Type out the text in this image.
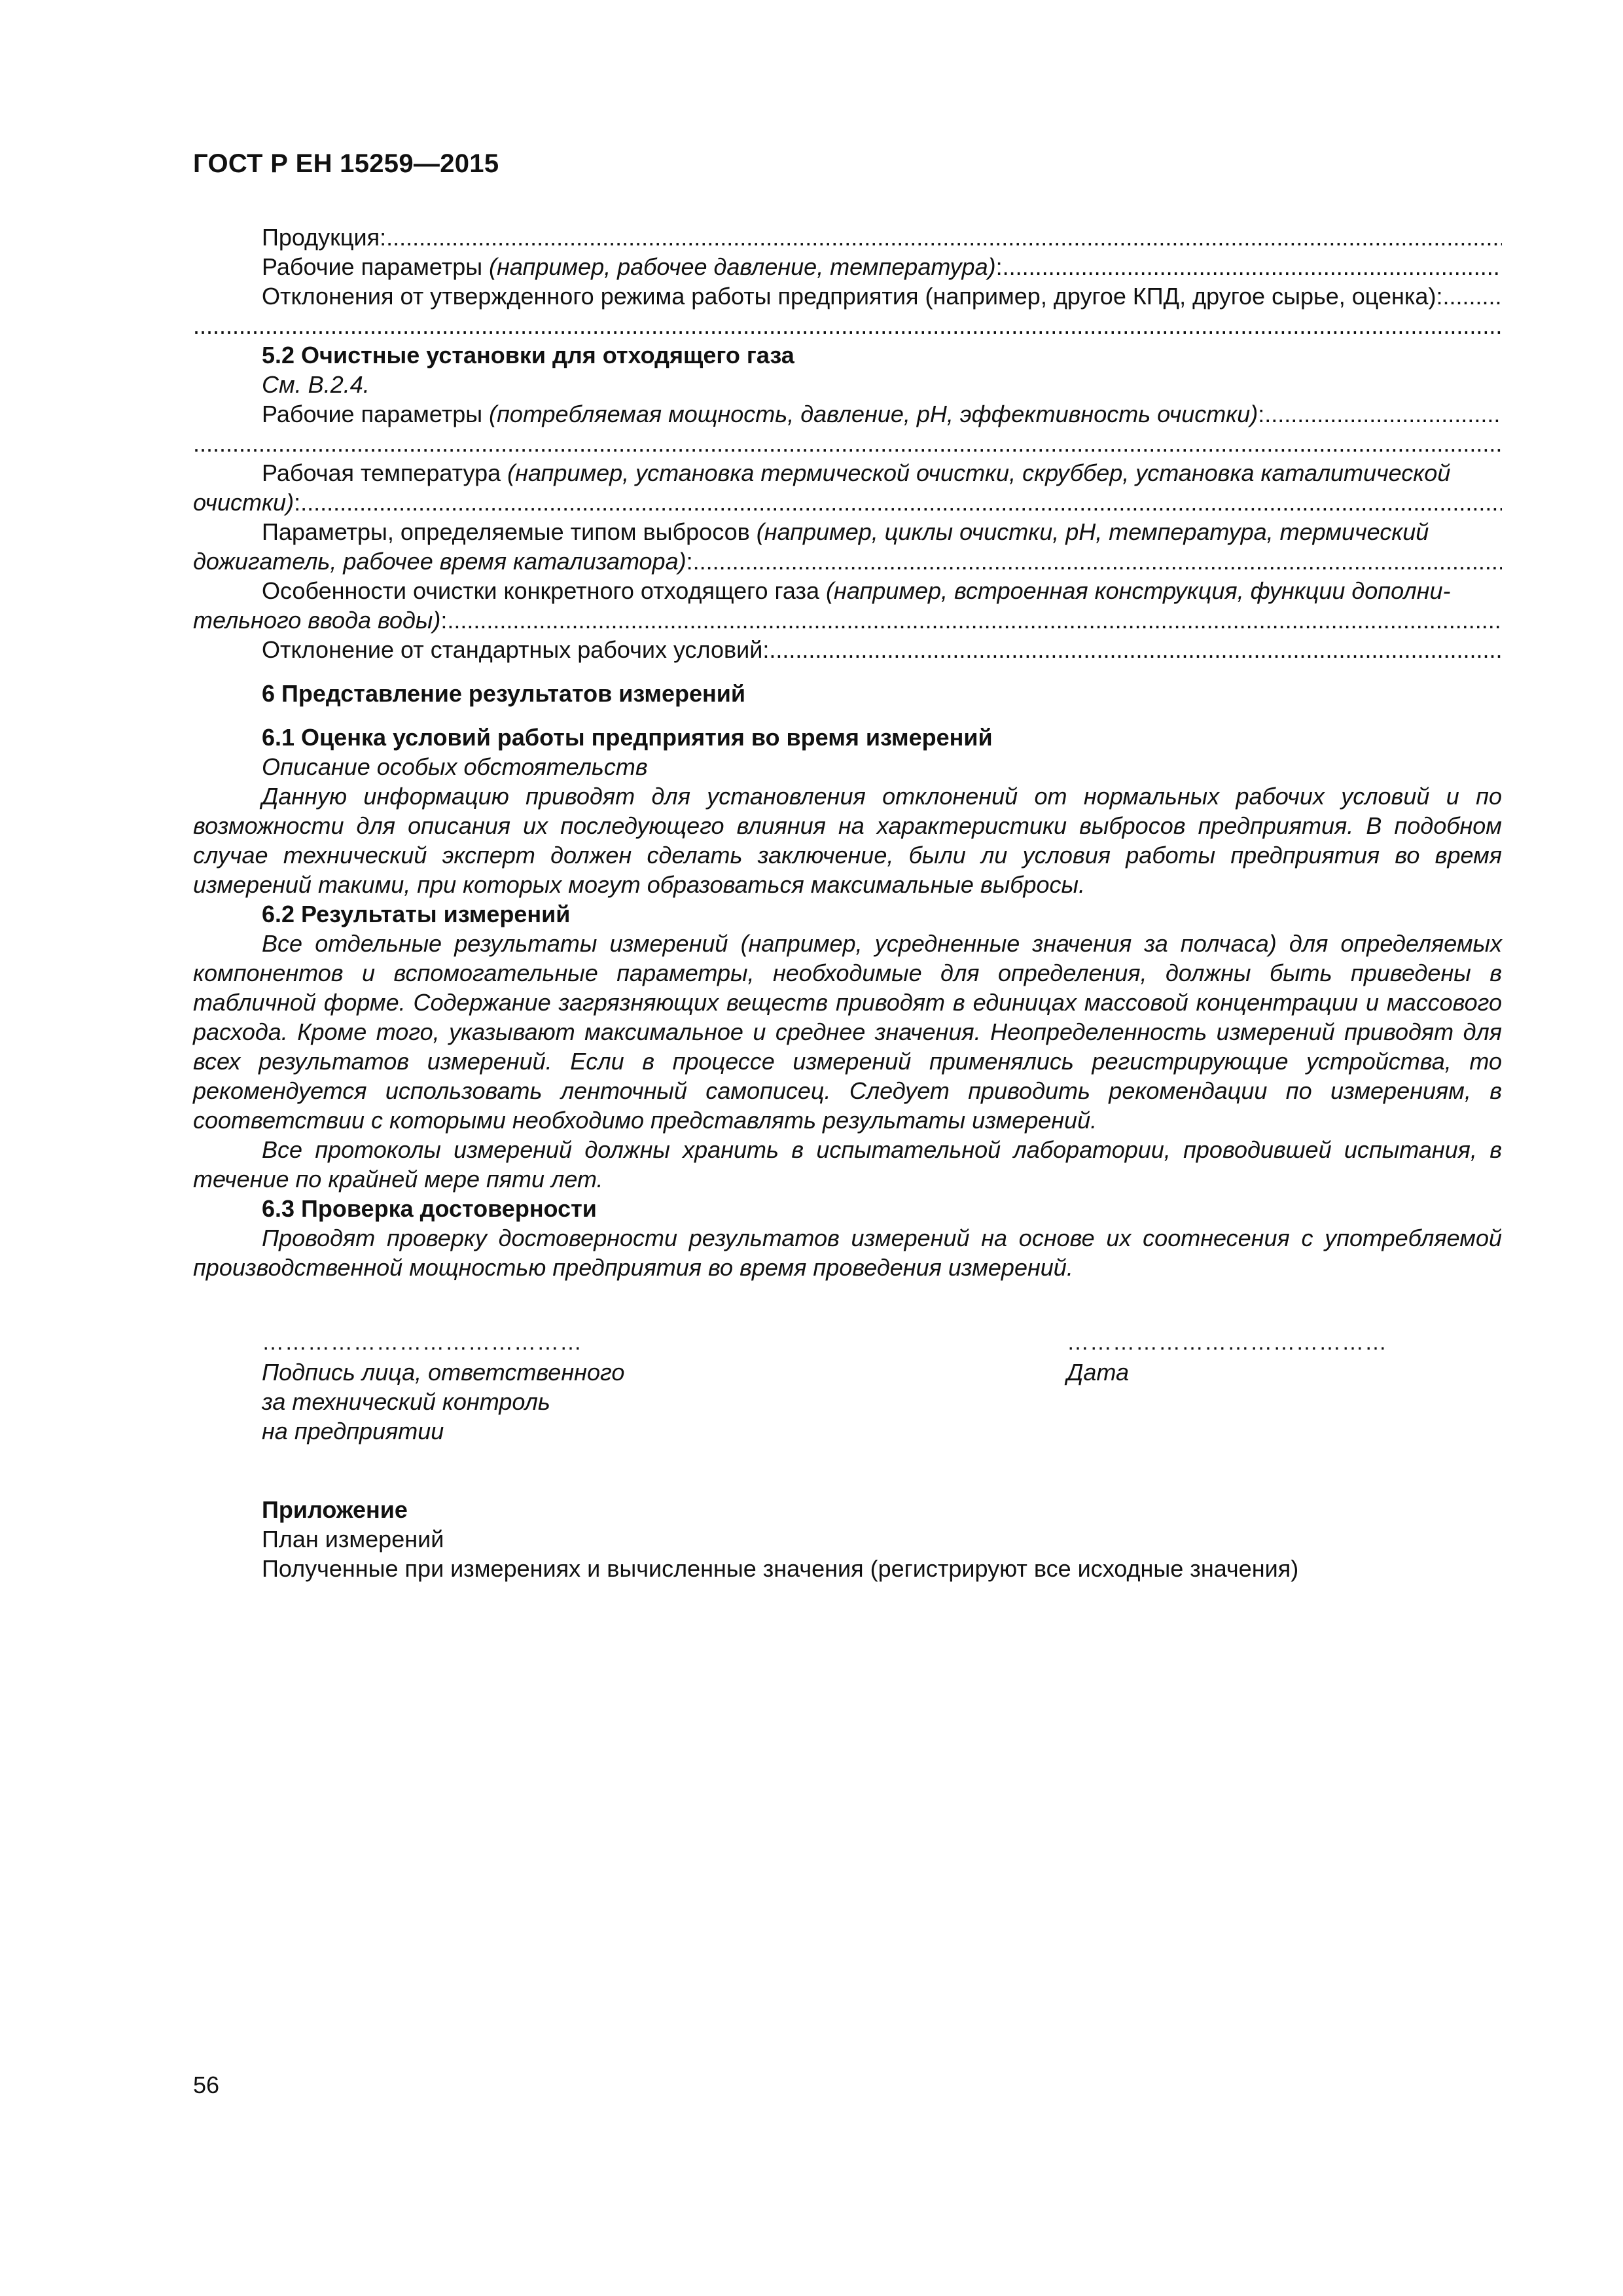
ГОСТ Р ЕН 15259—2015
Продукция:
.....
Рабочие параметры (например, рабочее давление, температура):
.....
Отклонения от утвержденного режима работы предприятия (например, другое КПД, другое сырье, оценка):
.....
.....

5.2 Очистные установки для отходящего газа

См. В.2.4.

Рабочие параметры (потребляемая мощность, давление, pH, эффективность очистки):
.....
.....

Рабочая температура (например, установка термической очистки, скруббер, установка каталитической

очистки):
.....

Параметры, определяемые типом выбросов (например, циклы очистки, pH, температура, термический

дожигатель, рабочее время катализатора):
.....

Особенности очистки конкретного отходящего газа (например, встроенная конструкция, функции дополни-

тельного ввода воды):
.....
Отклонение от стандартных рабочих условий:
.....

6 Представление результатов измерений

6.1 Оценка условий работы предприятия во время измерений

Описание особых обстоятельств

Данную информацию приводят для установления отклонений от нормальных рабочих условий и по возможности для описания их последующего влияния на характеристики выбросов предприятия. В подобном случае технический эксперт должен сделать заключение, были ли условия работы предприятия во время измерений такими, при которых могут образоваться максимальные выбросы.

6.2 Результаты измерений

Все отдельные результаты измерений (например, усредненные значения за полчаса) для определяемых компонентов и вспомогательные параметры, необходимые для определения, должны быть приведены в табличной форме. Содержание загрязняющих веществ приводят в единицах массовой концентрации и массового расхода. Кроме того, указывают максимальное и среднее значения. Неопределенность измерений приводят для всех результатов измерений. Если в процессе измерений применялись регистрирующие устройства, то рекомендуется использовать ленточный самописец. Следует приводить рекомендации по измерениям, в соответствии с которыми необходимо представлять результаты измерений.

Все протоколы измерений должны хранить в испытательной лаборатории, проводившей испытания, в течение по крайней мере пяти лет.

6.3 Проверка достоверности

Проводят проверку достоверности результатов измерений на основе их соотнесения с употребляемой производственной мощностью предприятия во время проведения измерений.

……………………………………

Подпись лица, ответственного

за технический контроль

на предприятии

……………………………………

Дата

Приложение

План измерений

Полученные при измерениях и вычисленные значения (регистрируют все исходные значения)

56
